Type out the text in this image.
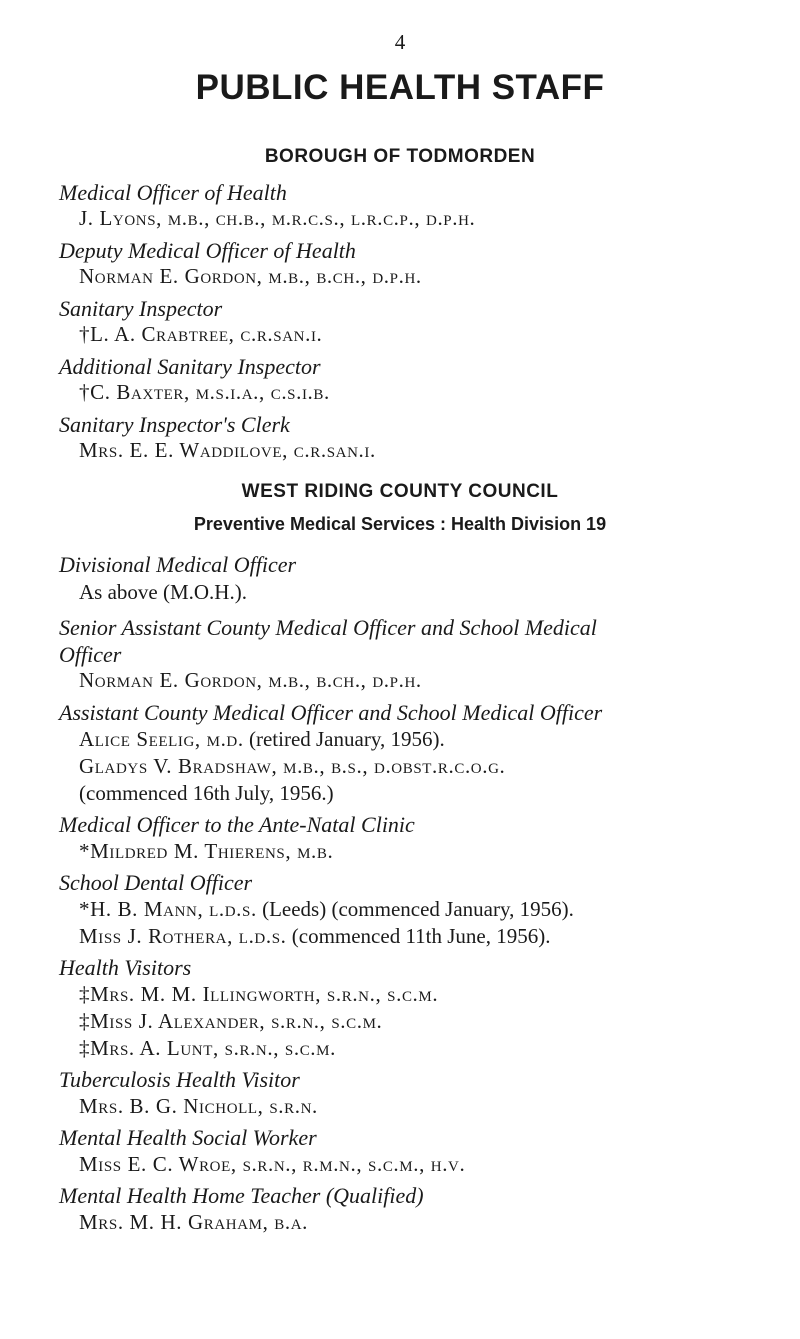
4
PUBLIC HEALTH STAFF
BOROUGH OF TODMORDEN
Medical Officer of Health
J. Lyons, m.b., ch.b., m.r.c.s., l.r.c.p., d.p.h.
Deputy Medical Officer of Health
Norman E. Gordon, m.b., b.ch., d.p.h.
Sanitary Inspector
†L. A. Crabtree, c.r.san.i.
Additional Sanitary Inspector
†C. Baxter, m.s.i.a., c.s.i.b.
Sanitary Inspector's Clerk
Mrs. E. E. Waddilove, c.r.san.i.
WEST RIDING COUNTY COUNCIL
Preventive Medical Services : Health Division 19
Divisional Medical Officer
As above (M.O.H.).
Senior Assistant County Medical Officer and School Medical
Officer
Norman E. Gordon, m.b., b.ch., d.p.h.
Assistant County Medical Officer and School Medical Officer
Alice Seelig, m.d. (retired January, 1956).
Gladys V. Bradshaw, m.b., b.s., d.obst.r.c.o.g.
(commenced 16th July, 1956.)
Medical Officer to the Ante-Natal Clinic
*Mildred M. Thierens, m.b.
School Dental Officer
*H. B. Mann, l.d.s. (Leeds) (commenced January, 1956).
Miss J. Rothera, l.d.s. (commenced 11th June, 1956).
Health Visitors
‡Mrs. M. M. Illingworth, s.r.n., s.c.m.
‡Miss J. Alexander, s.r.n., s.c.m.
‡Mrs. A. Lunt, s.r.n., s.c.m.
Tuberculosis Health Visitor
Mrs. B. G. Nicholl, s.r.n.
Mental Health Social Worker
Miss E. C. Wroe, s.r.n., r.m.n., s.c.m., h.v.
Mental Health Home Teacher (Qualified)
Mrs. M. H. Graham, b.a.
